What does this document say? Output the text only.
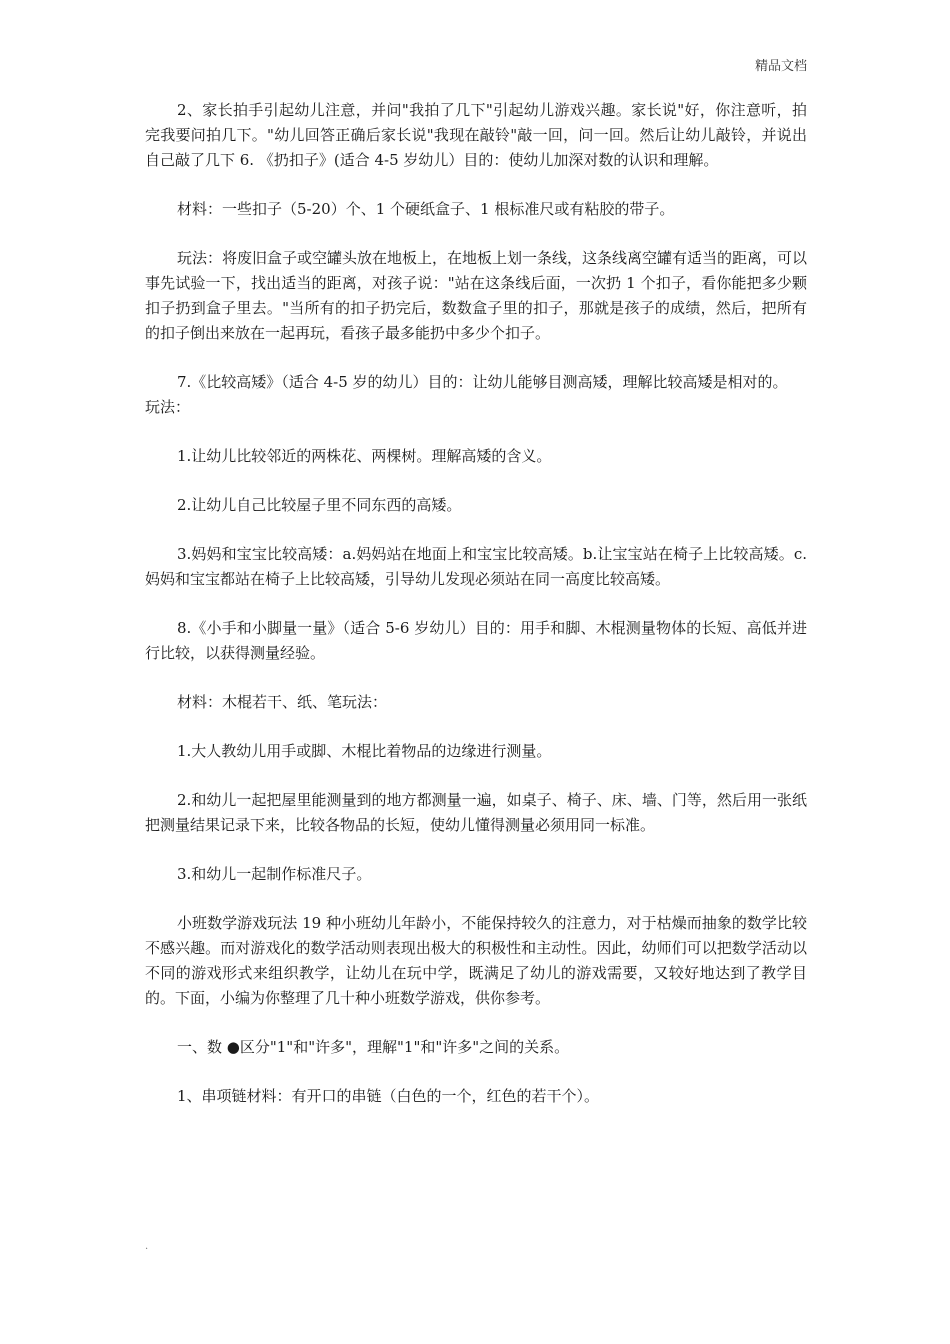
精品文档

2、家长拍手引起幼儿注意，并问"我拍了几下"引起幼儿游戏兴趣。家长说"好，你注意听，拍完我要问拍几下。"幼儿回答正确后家长说"我现在敲铃"敲一回，问一回。然后让幼儿敲铃，并说出自己敲了几下 6. 《扔扣子》(适合 4-5 岁幼儿）目的：使幼儿加深对数的认识和理解。

材料：一些扣子（5-20）个、1 个硬纸盒子、1 根标准尺或有粘胶的带子。

玩法：将废旧盒子或空罐头放在地板上，在地板上划一条线，这条线离空罐有适当的距离，可以事先试验一下，找出适当的距离，对孩子说："站在这条线后面，一次扔 1 个扣子，看你能把多少颗扣子扔到盒子里去。"当所有的扣子扔完后，数数盒子里的扣子，那就是孩子的成绩，然后，把所有的扣子倒出来放在一起再玩，看孩子最多能扔中多少个扣子。

7.《比较高矮》（适合 4-5 岁的幼儿）目的：让幼儿能够目测高矮，理解比较高矮是相对的。

玩法：

1.让幼儿比较邻近的两株花、两棵树。理解高矮的含义。

2.让幼儿自己比较屋子里不同东西的高矮。

3.妈妈和宝宝比较高矮：a.妈妈站在地面上和宝宝比较高矮。b.让宝宝站在椅子上比较高矮。c.妈妈和宝宝都站在椅子上比较高矮，引导幼儿发现必须站在同一高度比较高矮。

8.《小手和小脚量一量》（适合 5-6 岁幼儿）目的：用手和脚、木棍测量物体的长短、高低并进行比较，以获得测量经验。

材料：木棍若干、纸、笔玩法：

1.大人教幼儿用手或脚、木棍比着物品的边缘进行测量。

2.和幼儿一起把屋里能测量到的地方都测量一遍，如桌子、椅子、床、墙、门等，然后用一张纸把测量结果记录下来，比较各物品的长短，使幼儿懂得测量必须用同一标准。

3.和幼儿一起制作标准尺子。

小班数学游戏玩法 19 种小班幼儿年龄小，不能保持较久的注意力，对于枯燥而抽象的数学比较不感兴趣。而对游戏化的数学活动则表现出极大的积极性和主动性。因此，幼师们可以把数学活动以不同的游戏形式来组织教学，让幼儿在玩中学，既满足了幼儿的游戏需要，又较好地达到了教学目的。下面，小编为你整理了几十种小班数学游戏，供你参考。

一、数 ●区分"1"和"许多"，理解"1"和"许多"之间的关系。

1、串项链材料：有开口的串链（白色的一个，红色的若干个）。

.
